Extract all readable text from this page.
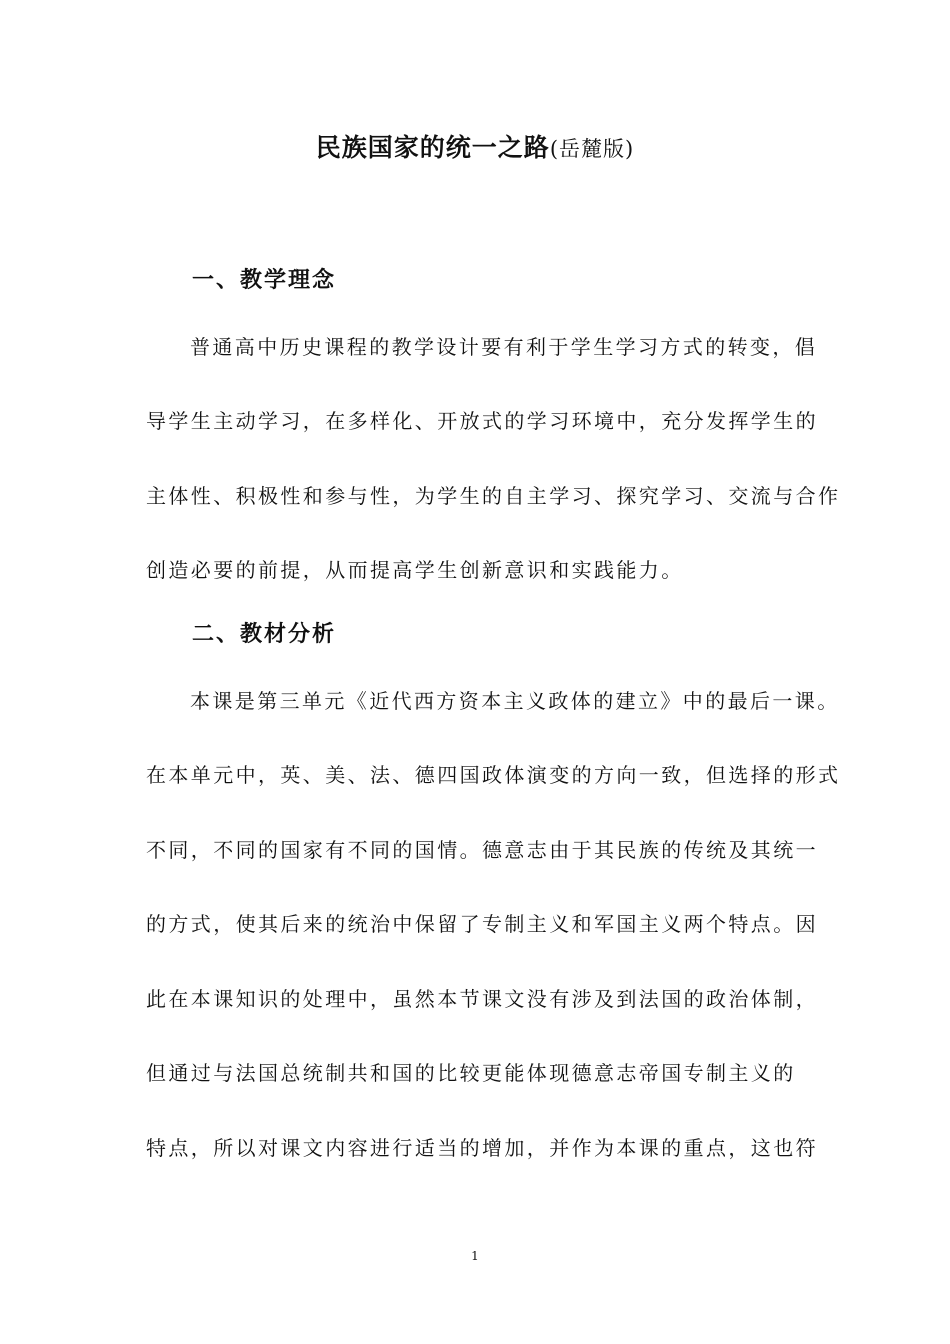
民族国家的统一之路(岳麓版)
一、教学理念
普通高中历史课程的教学设计要有利于学生学习方式的转变，倡
导学生主动学习，在多样化、开放式的学习环境中，充分发挥学生的
主体性、积极性和参与性，为学生的自主学习、探究学习、交流与合作
创造必要的前提，从而提高学生创新意识和实践能力。
二、教材分析
本课是第三单元《近代西方资本主义政体的建立》中的最后一课。
在本单元中，英、美、法、德四国政体演变的方向一致，但选择的形式
不同，不同的国家有不同的国情。德意志由于其民族的传统及其统一
的方式，使其后来的统治中保留了专制主义和军国主义两个特点。因
此在本课知识的处理中，虽然本节课文没有涉及到法国的政治体制，
但通过与法国总统制共和国的比较更能体现德意志帝国专制主义的
特点，所以对课文内容进行适当的增加，并作为本课的重点，这也符
1
